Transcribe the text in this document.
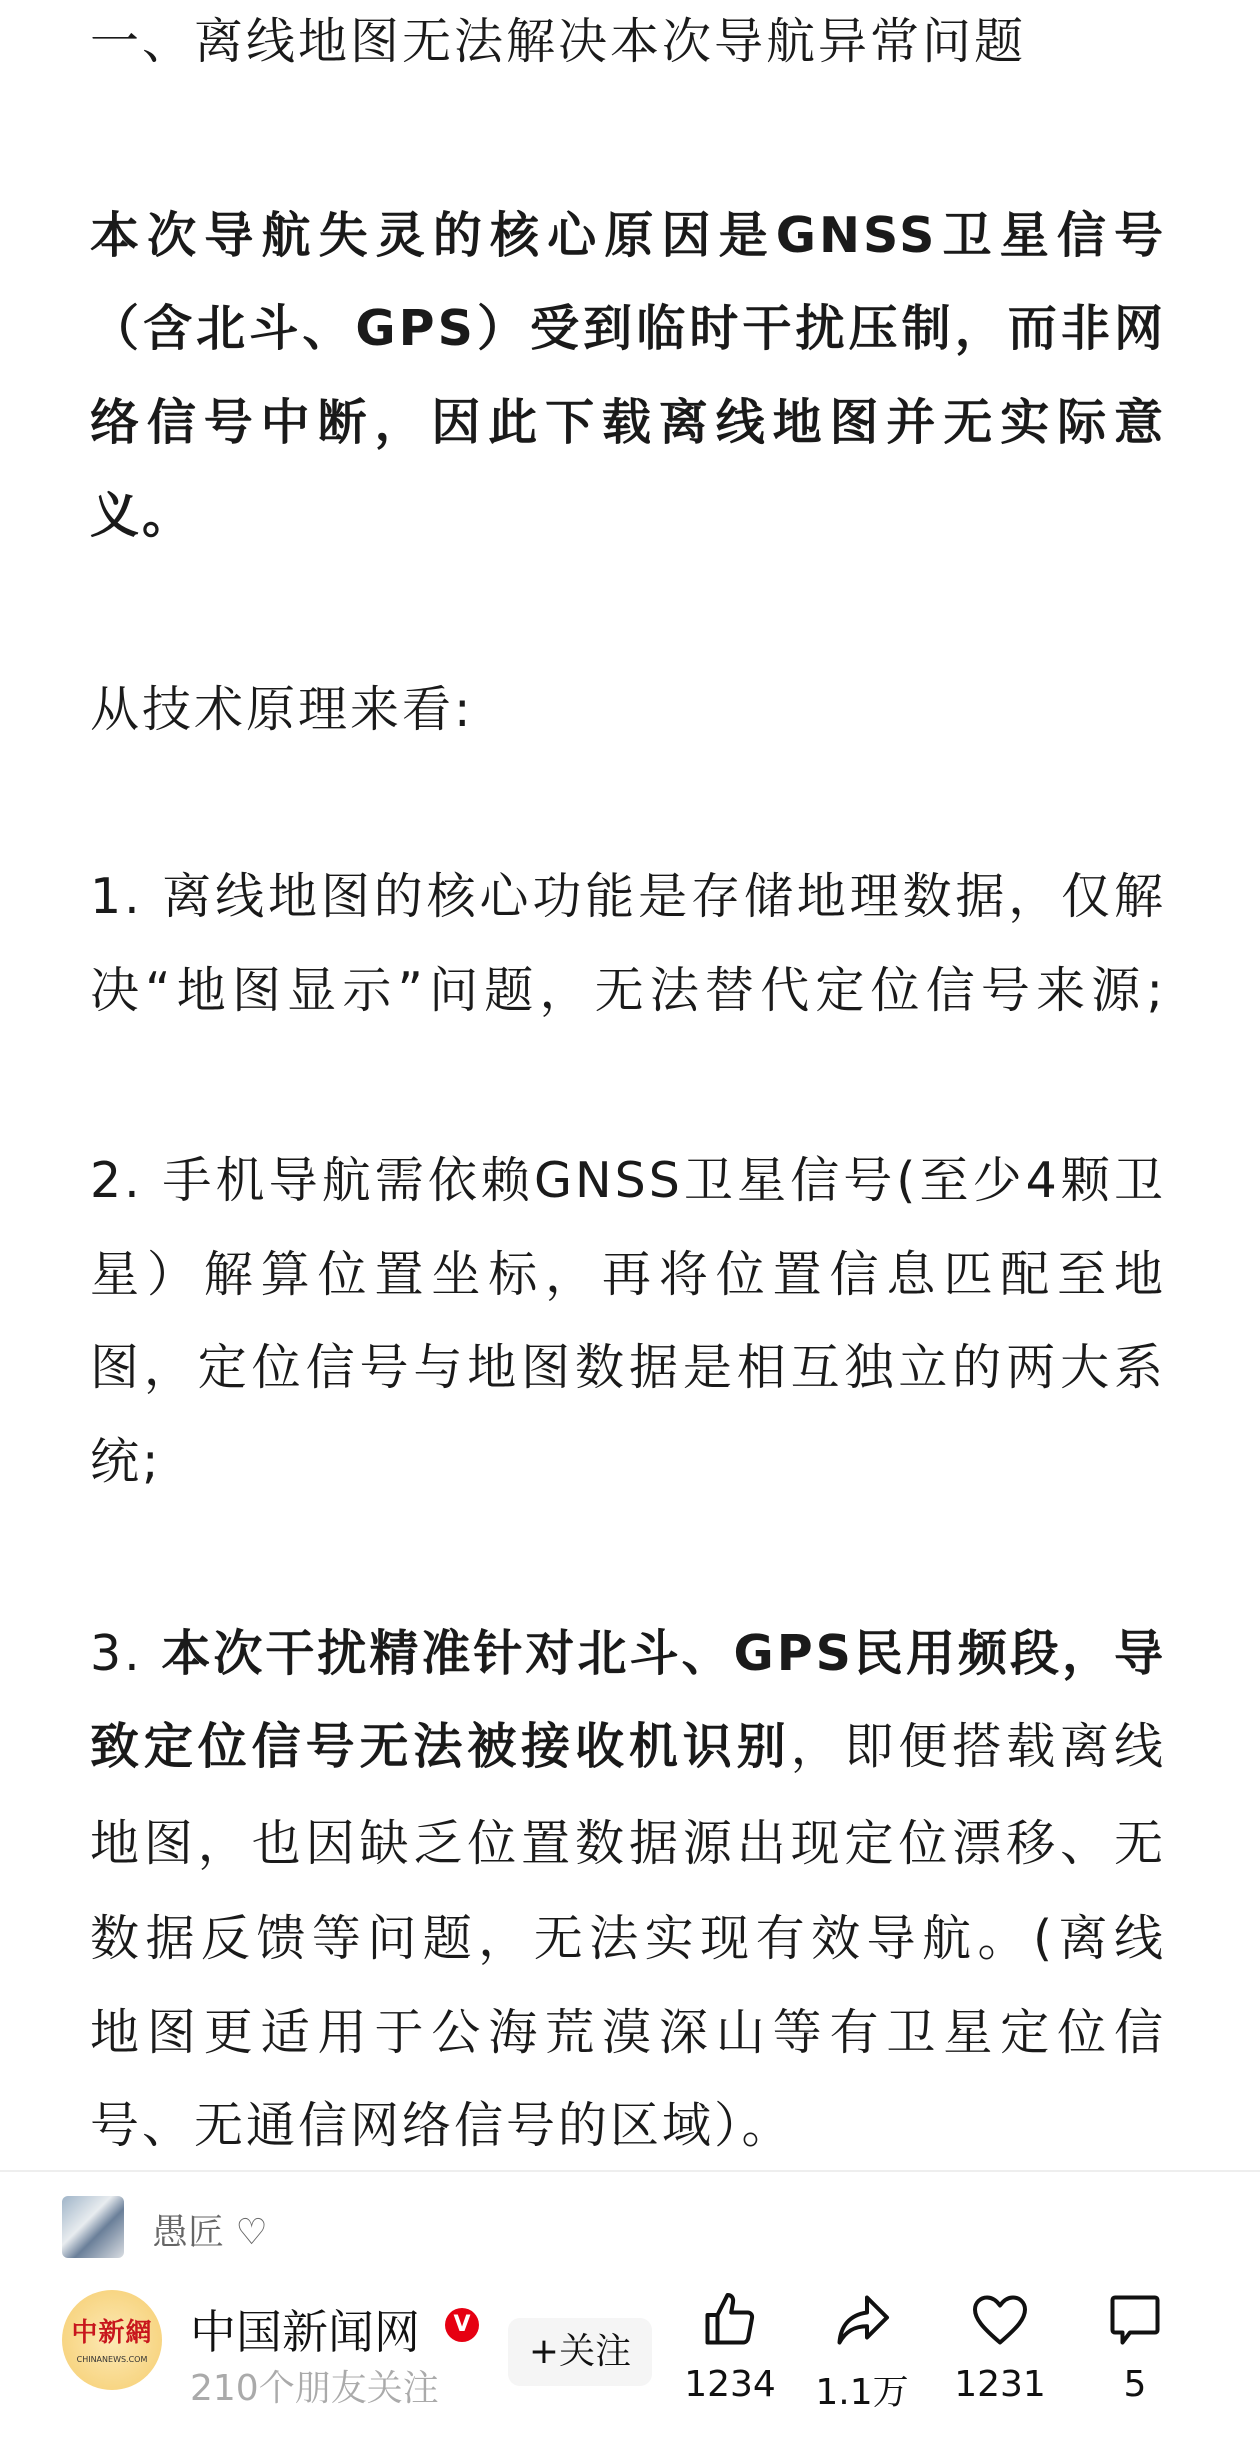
一、离线地图无法解决本次导航异常问题
本次导航失灵的核心原因是GNSS卫星信号
（含北斗、GPS）受到临时干扰压制，而非网
络信号中断，因此下载离线地图并无实际意
义。
从技术原理来看:
1. 离线地图的核心功能是存储地理数据，仅解
决“地图显示”问题，无法替代定位信号来源;
2. 手机导航需依赖GNSS卫星信号(至少4颗卫
星）解算位置坐标，再将位置信息匹配至地
图，定位信号与地图数据是相互独立的两大系
统;
3. 本次干扰精准针对北斗、GPS民用频段，导
致定位信号无法被接收机识别，即便搭载离线
地图，也因缺乏位置数据源出现定位漂移、无
数据反馈等问题，无法实现有效导航。(离线
地图更适用于公海荒漠深山等有卫星定位信
号、无通信网络信号的区域）。
愚匠 ♡
中新網
CHINANEWS.COM
中国新闻网	V
210个朋友关注
+关注
1234	1.1万	1231	5
